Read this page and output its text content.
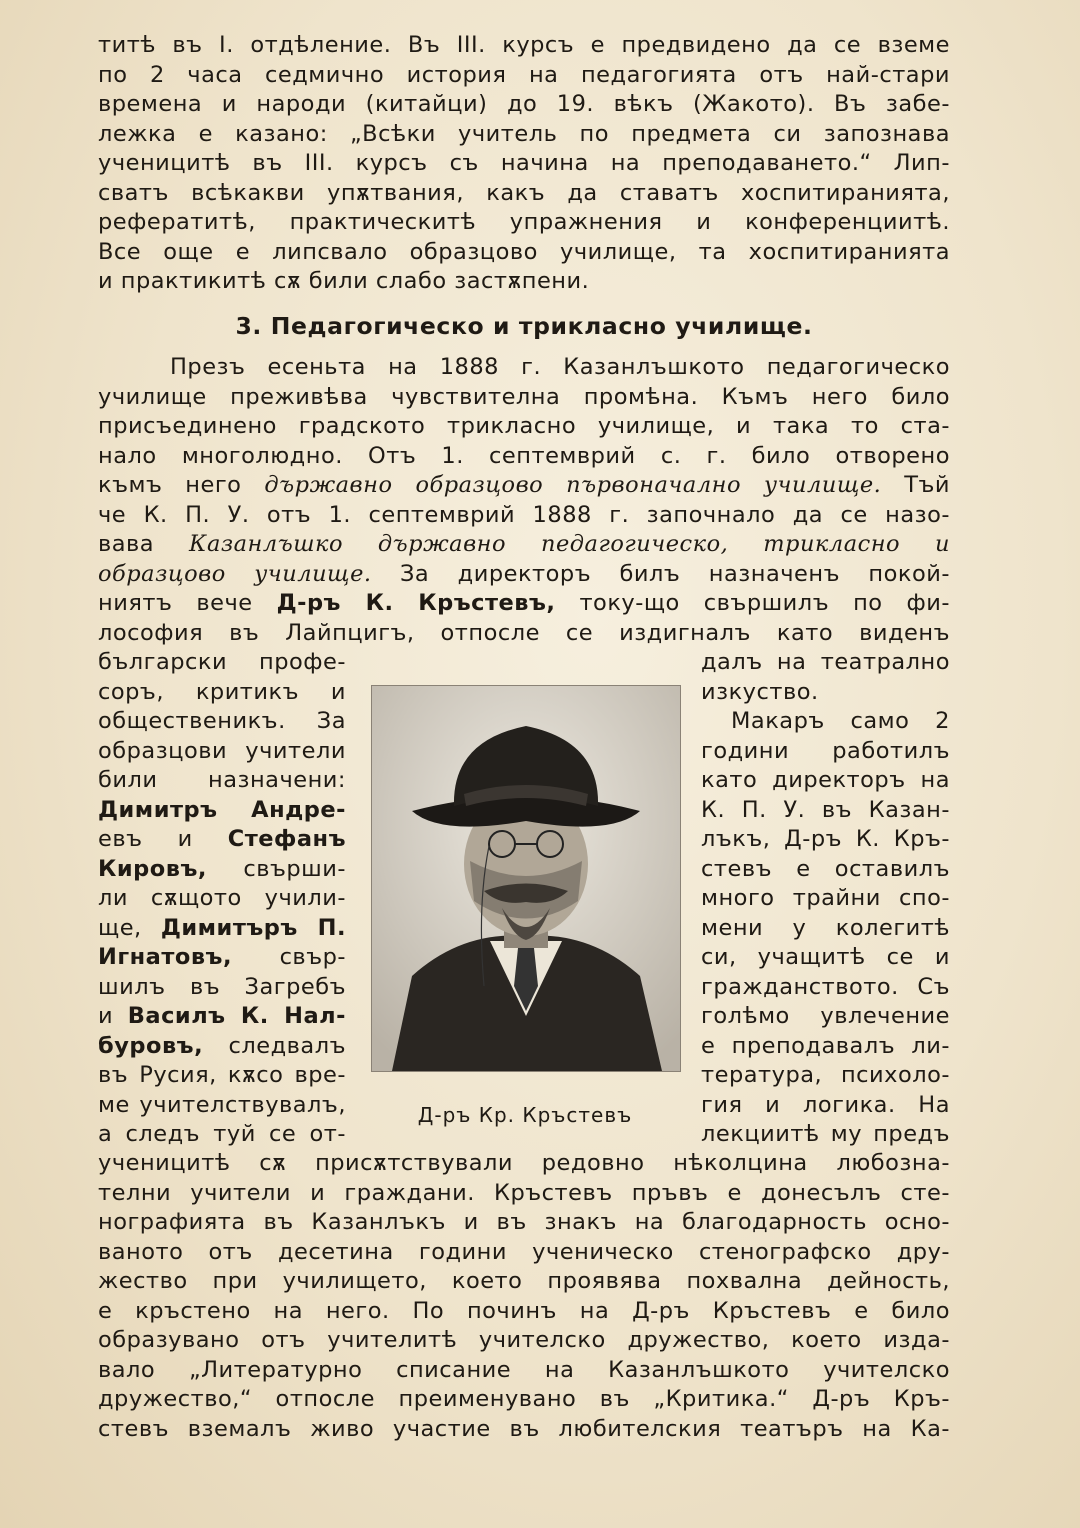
титѣ въ I. отдѣление. Въ III. курсъ е предвидено да се вземе
по 2 часа седмично история на педагогията отъ най-стари
времена и народи (китайци) до 19. вѣкъ (Жакото). Въ забе-
лежка е казано: „Всѣки учитель по предмета си запознава
ученицитѣ въ III. курсъ съ начина на преподаването.“ Лип-
сватъ всѣкакви упѫтвания, какъ да ставатъ хоспитиранията,
рефератитѣ, практическитѣ упражнения и конференциитѣ.
Все още е липсвало образцово училище, та хоспитиранията
и практикитѣ сѫ били слабо застѫпени.
3. Педагогическо и трикласно училище.
Презъ есеньта на 1888 г. Казанлъшкото педагогическо
училище преживѣва чувствителна промѣна. Къмъ него било
присъединено градското трикласно училище, и така то ста-
нало многолюдно. Отъ 1. септемврий с. г. било отворено
къмъ него държавно образцово първоначално училище. Тъй
че К. П. У. отъ 1. септемврий 1888 г. започнало да се назо-
вава Казанлъшко държавно педагогическо, трикласно и
образцово училище. За директоръ билъ назначенъ покой-
ниятъ вече Д-ръ К. Кръстевъ, току-що свършилъ по фи-
лософия въ Лайпцигъ, отпосле се издигналъ като виденъ
български профе-
соръ, критикъ и
общественикъ. За
образцови учители
били назначени:
Димитръ Андре-
евъ и Стефанъ
Кировъ, свърши-
ли сѫщото учили-
ще, Димитъръ П.
Игнатовъ, свър-
шилъ въ Загребъ
и Василъ К. Нал-
буровъ, следвалъ
въ Русия, кѫсо вре-
ме учителствувалъ,
а следъ туй се от-
Д-ръ Кр. Кръстевъ
далъ на театрално
изкуство.
Макаръ само 2
години работилъ
като директоръ на
К. П. У. въ Казан-
лъкъ, Д-ръ К. Кръ-
стевъ е оставилъ
много трайни спо-
мени у колегитѣ
си, учащитѣ се и
гражданството. Съ
голѣмо увлечение
е преподавалъ ли-
тература, психоло-
гия и логика. На
лекциитѣ му предъ
ученицитѣ сѫ присѫтствували редовно нѣколцина любозна-
телни учители и граждани. Кръстевъ пръвъ е донесълъ сте-
нографията въ Казанлъкъ и въ знакъ на благодарность осно-
ваното отъ десетина години ученическо стенографско дру-
жество при училището, което проявява похвална дейность,
е кръстено на него. По починъ на Д-ръ Кръстевъ е било
образувано отъ учителитѣ учителско дружество, което изда-
вало „Литературно списание на Казанлъшкото учителско
дружество,“ отпосле преименувано въ „Критика.“ Д-ръ Кръ-
стевъ вземалъ живо участие въ любителския театъръ на Ка-
